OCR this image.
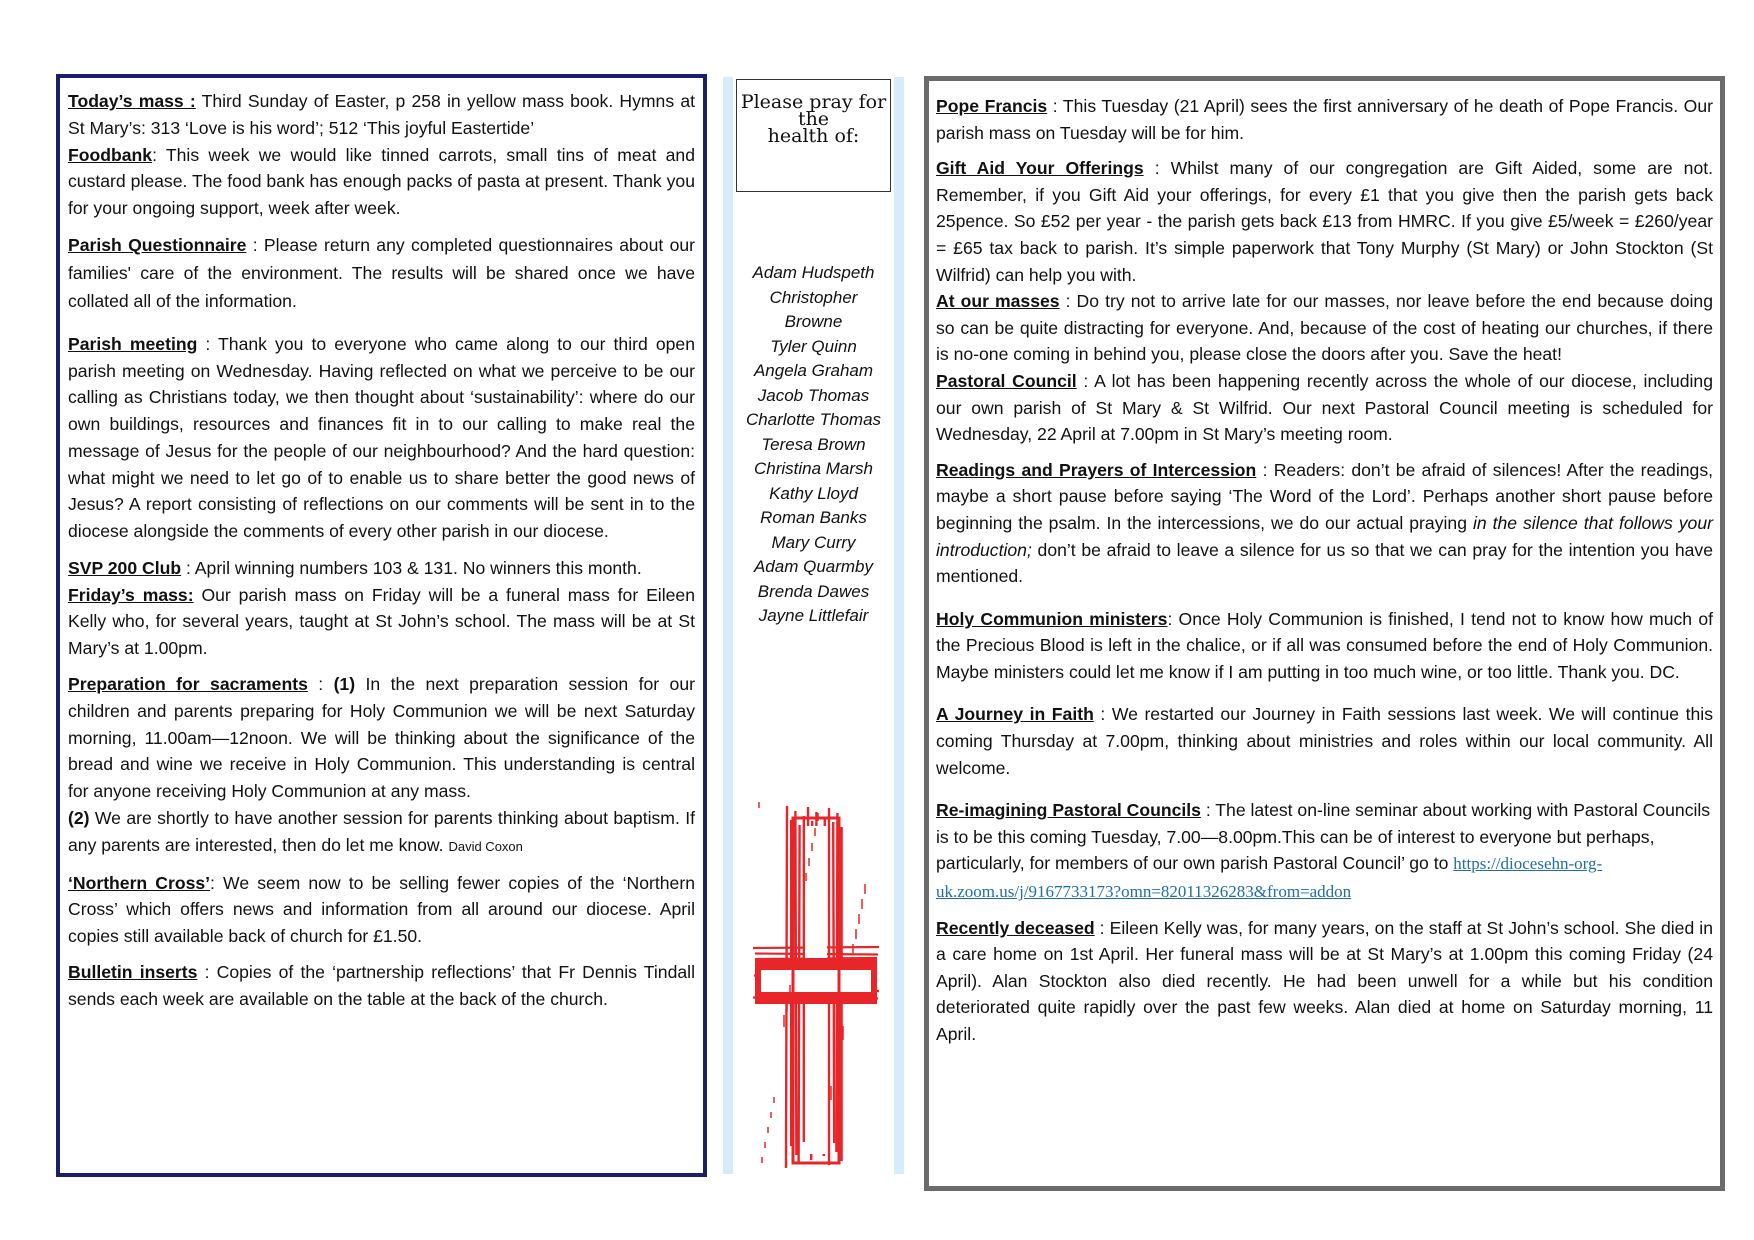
Today’s mass : Third Sunday of Easter, p 258 in yellow mass book. Hymns at St Mary’s: 313 ‘Love is his word’; 512 ‘This joyful Eastertide’

Foodbank: This week we would like tinned carrots, small tins of meat and custard please. The food bank has enough packs of pasta at present. Thank you for your ongoing support, week after week.

Parish Questionnaire : Please return any completed questionnaires about our families' care of the environment. The results will be shared once we have collated all of the information.

Parish meeting : Thank you to everyone who came along to our third open parish meeting on Wednesday. Having reflected on what we perceive to be our calling as Christians today, we then thought about ‘sustainability’: where do our own buildings, resources and finances fit in to our calling to make real the message of Jesus for the people of our neighbourhood? And the hard question: what might we need to let go of to enable us to share better the good news of Jesus? A report consisting of reflections on our comments will be sent in to the diocese alongside the comments of every other parish in our diocese.

SVP 200 Club : April winning numbers 103 & 131. No winners this month.

Friday’s mass: Our parish mass on Friday will be a funeral mass for Eileen Kelly who, for several years, taught at St John’s school. The mass will be at St Mary’s at 1.00pm.

Preparation for sacraments : (1) In the next preparation session for our children and parents preparing for Holy Communion we will be next Saturday morning, 11.00am—12noon. We will be thinking about the significance of the bread and wine we receive in Holy Communion. This understanding is central for anyone receiving Holy Communion at any mass.

(2) We are shortly to have another session for parents thinking about baptism. If any parents are interested, then do let me know. David Coxon

‘Northern Cross’: We seem now to be selling fewer copies of the ‘Northern Cross’ which offers news and information from all around our diocese. April copies still available back of church for £1.50.

Bulletin inserts : Copies of the ‘partnership reflections’ that Fr Dennis Tindall sends each week are available on the table at the back of the church.

Please pray for
the
health of:
Adam Hudspeth
Christopher
Browne
Tyler Quinn
Angela Graham
Jacob Thomas
Charlotte Thomas
Teresa Brown
Christina Marsh
Kathy Lloyd
Roman Banks
Mary Curry
Adam Quarmby
Brenda Dawes
Jayne Littlefair

Pope Francis : This Tuesday (21 April) sees the first anniversary of he death of Pope Francis. Our parish mass on Tuesday will be for him.

Gift Aid Your Offerings : Whilst many of our congregation are Gift Aided, some are not. Remember, if you Gift Aid your offerings, for every £1 that you give then the parish gets back 25pence. So £52 per year - the parish gets back £13 from HMRC. If you give £5/week = £260/year = £65 tax back to parish. It’s simple paperwork that Tony Murphy (St Mary) or John Stockton (St Wilfrid) can help you with.

At our masses : Do try not to arrive late for our masses, nor leave before the end because doing so can be quite distracting for everyone. And, because of the cost of heating our churches, if there is no-one coming in behind you, please close the doors after you. Save the heat!

Pastoral Council : A lot has been happening recently across the whole of our diocese, including our own parish of St Mary & St Wilfrid. Our next Pastoral Council meeting is scheduled for Wednesday, 22 April at 7.00pm in St Mary’s meeting room.

Readings and Prayers of Intercession : Readers: don’t be afraid of silences! After the readings, maybe a short pause before saying ‘The Word of the Lord’. Perhaps another short pause before beginning the psalm. In the intercessions, we do our actual praying in the silence that follows your introduction; don’t be afraid to leave a silence for us so that we can pray for the intention you have mentioned.

Holy Communion ministers: Once Holy Communion is finished, I tend not to know how much of the Precious Blood is left in the chalice, or if all was consumed before the end of Holy Communion. Maybe ministers could let me know if I am putting in too much wine, or too little. Thank you. DC.

A Journey in Faith : We restarted our Journey in Faith sessions last week. We will continue this coming Thursday at 7.00pm, thinking about ministries and roles within our local community. All welcome.

Re-imagining Pastoral Councils : The latest on-line seminar about working with Pastoral Councils is to be this coming Tuesday, 7.00—8.00pm.This can be of interest to everyone but perhaps, particularly, for members of our own parish Pastoral Council’ go to https://diocesehn-org-uk.zoom.us/j/9167733173?omn=82011326283&from=addon

Recently deceased : Eileen Kelly was, for many years, on the staff at St John’s school. She died in a care home on 1st April. Her funeral mass will be at St Mary’s at 1.00pm this coming Friday (24 April). Alan Stockton also died recently. He had been unwell for a while but his condition deteriorated quite rapidly over the past few weeks. Alan died at home on Saturday morning, 11 April.
